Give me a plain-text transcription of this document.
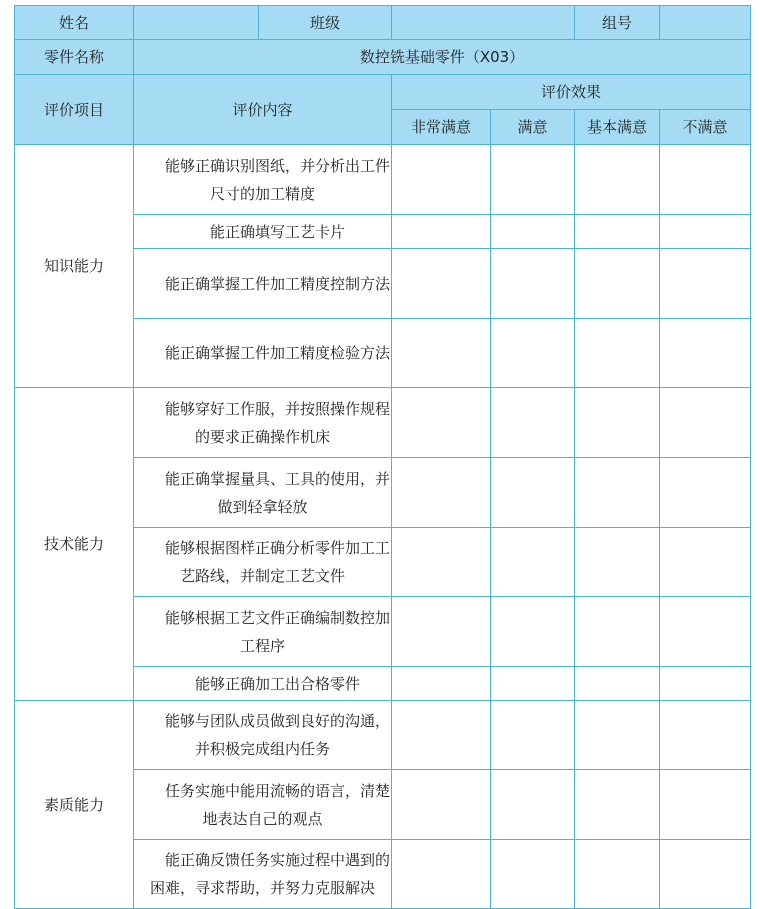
姓名		班级			组号	
零件名称	数控铣基础零件（X03）					
评价项目	评价内容		评价效果			
			非常满意	满意	基本满意	不满意
知识能力	能够正确识别图纸，并分析出工件尺寸的加工精度					

	能正确填写工艺卡片					

	能正确掌握工件加工精度控制方法					

	能正确掌握工件加工精度检验方法					

技术能力	能够穿好工作服，并按照操作规程的要求正确操作机床					

	能正确掌握量具、工具的使用，并做到轻拿轻放					

	能够根据图样正确分析零件加工工艺路线，并制定工艺文件					

	能够根据工艺文件正确编制数控加工程序					

	能够正确加工出合格零件					

素质能力	能够与团队成员做到良好的沟通，并积极完成组内任务					

	任务实施中能用流畅的语言，清楚地表达自己的观点					

	能正确反馈任务实施过程中遇到的困难，寻求帮助，并努力克服解决					
